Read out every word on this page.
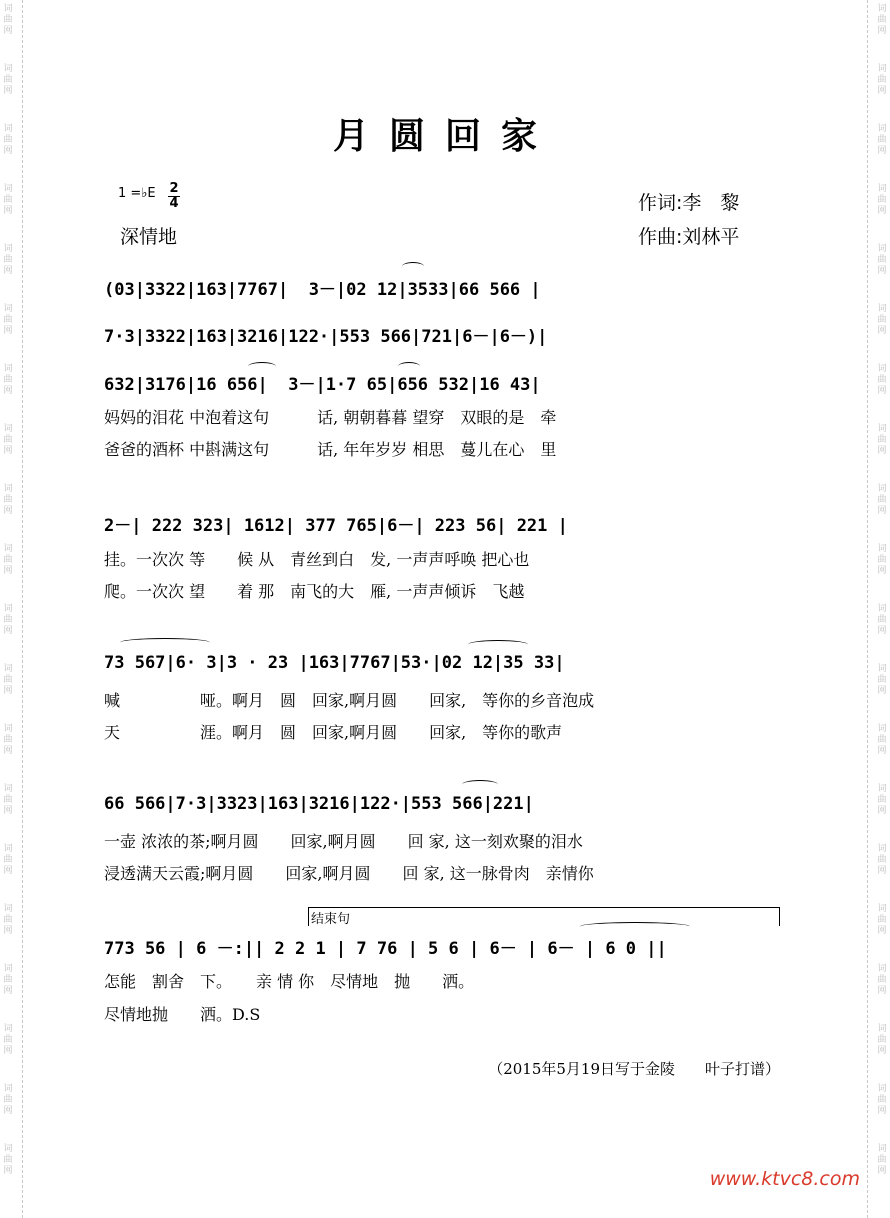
词
曲
网
词
曲
网
词
曲
网
词
曲
网
词
曲
网
词
曲
网
词
曲
网
词
曲
网
词
曲
网
词
曲
网
词
曲
网
词
曲
网
词
曲
网
词
曲
网
词
曲
网
词
曲
网
词
曲
网
词
曲
网
词
曲
网
词
曲
网
词
曲
网
词
曲
网
词
曲
网
词
曲
网
词
曲
网
词
曲
网
词
曲
网
词
曲
网
词
曲
网
词
曲
网
词
曲
网
词
曲
网
词
曲
网
词
曲
网
词
曲
网
词
曲
网
词
曲
网
词
曲
网
词
曲
网
词
曲
网
月圆回家
1 =♭E 2
4
深情地
作词:李　黎
作曲:刘林平
(03|3322|163|7767|  3－|02 12|3533|66 566 |
7·3|3322|163|3216|122·|553 566|721|6－|6－)|
632|3176|16 656|  3－|1·7 65|656 532|16 43|
妈妈的泪花 中泡着这句　　　话, 朝朝暮暮 望穿　双眼的是　牵
爸爸的酒杯 中斟满这句　　　话, 年年岁岁 相思　蔓儿在心　里
2－| 222 323| 1612| 377 765|6－| 223 56| 221 |
挂。一次次 等　　候 从　青丝到白　发, 一声声呼唤 把心也
爬。一次次 望　　着 那　南飞的大　雁, 一声声倾诉　飞越
73 567|6· 3|3 · 23 |163|7767|53·|02 12|35 33|
喊　　　　　哑。啊月　圆　回家,啊月圆　　回家,　等你的乡音泡成
天　　　　　涯。啊月　圆　回家,啊月圆　　回家,　等你的歌声
66 566|7·3|3323|163|3216|122·|553 566|221|
一壶 浓浓的茶;啊月圆　　回家,啊月圆　　回 家, 这一刻欢聚的泪水
浸透满天云霞;啊月圆　　回家,啊月圆　　回 家, 这一脉骨肉　亲情你
结束句
773 56 | 6 －:|| 2 2 1 | 7 76 | 5 6 | 6－ | 6－ | 6 0 ||
怎能　割舍　下。　　亲 情 你　尽情地　抛　　洒。
尽情地抛　　洒。D.S
（2015年5月19日写于金陵　　叶子打谱）
www.ktvc8.com
